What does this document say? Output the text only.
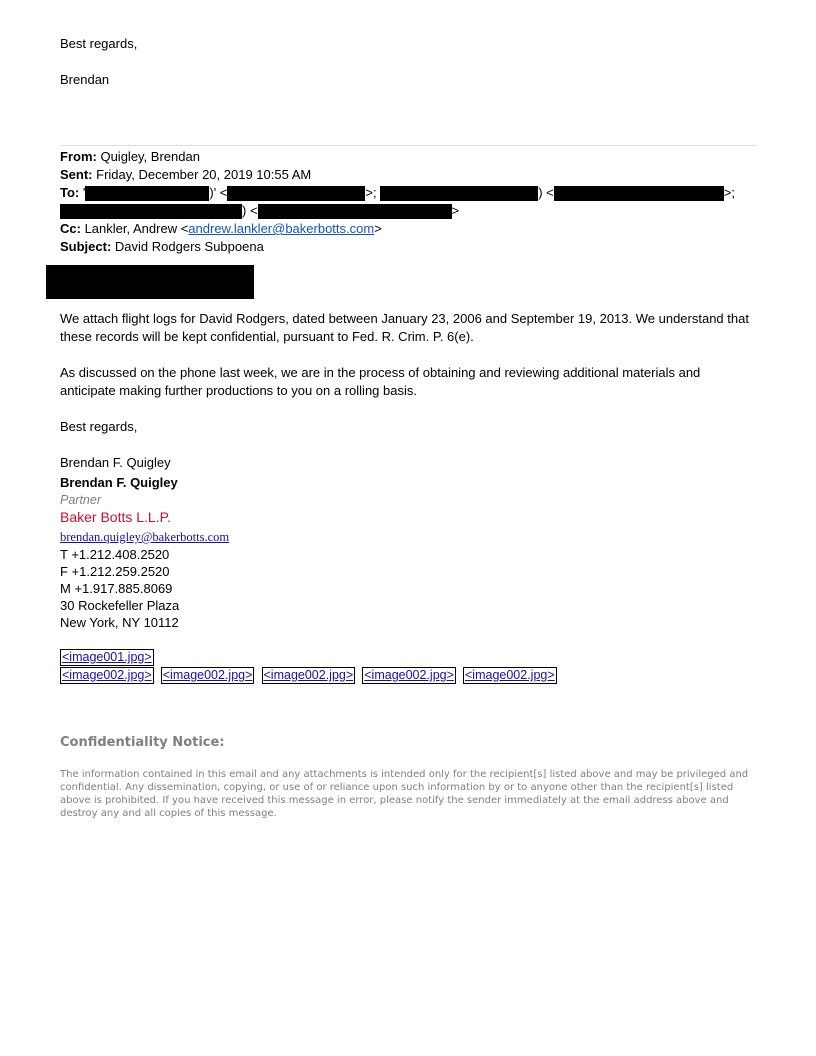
Best regards,
Brendan
From: Quigley, Brendan
Sent: Friday, December 20, 2019 10:55 AM
To: '	)' <	>;	) <	>;
) <	>
Cc: Lankler, Andrew <andrew.lankler@bakerbotts.com>
Subject: David Rodgers Subpoena
We attach flight logs for David Rodgers, dated between January 23, 2006 and September 19, 2013. We understand that these records will be kept confidential, pursuant to Fed. R. Crim. P. 6(e).
As discussed on the phone last week, we are in the process of obtaining and reviewing additional materials and anticipate making further productions to you on a rolling basis.
Best regards,
Brendan F. Quigley
Brendan F. Quigley
Partner
Baker Botts L.L.P.
brendan.quigley@bakerbotts.com
T +1.212.408.2520
F +1.212.259.2520
M +1.917.885.8069
30 Rockefeller Plaza
New York, NY 10112
<image001.jpg>
<image002.jpg> <image002.jpg> <image002.jpg> <image002.jpg> <image002.jpg>
Confidentiality Notice:
The information contained in this email and any attachments is intended only for the recipient[s] listed above and may be privileged and confidential. Any dissemination, copying, or use of or reliance upon such information by or to anyone other than the recipient[s] listed above is prohibited. If you have received this message in error, please notify the sender immediately at the email address above and destroy any and all copies of this message.
